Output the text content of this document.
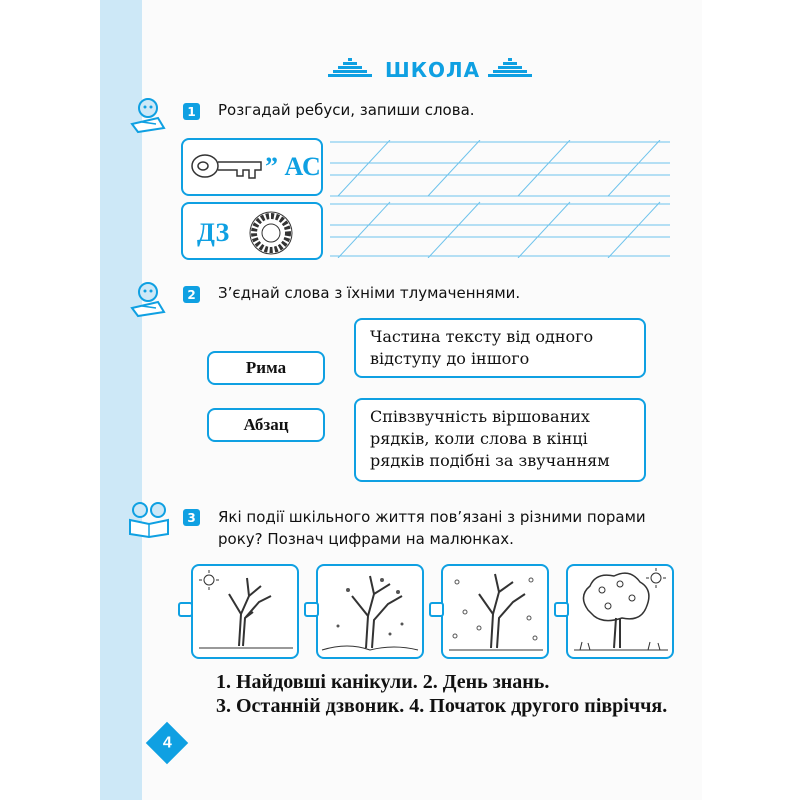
ШКОЛА
1 Розгадай ребуси, запиши слова.
” АС
ДЗ
2 З’єднай слова з їхніми тлумаченнями.
Рима
Абзац
Частина тексту від одного
відступу до іншого
Співзвучність віршованих
рядків, коли слова в кінці
рядків подібні за звучанням
3 Які події шкільного життя пов’язані з різними порами
року? Познач цифрами на малюнках.
1. Найдовші канікули. 2. День знань.
3. Останній дзвоник. 4. Початок другого півріччя.
4
